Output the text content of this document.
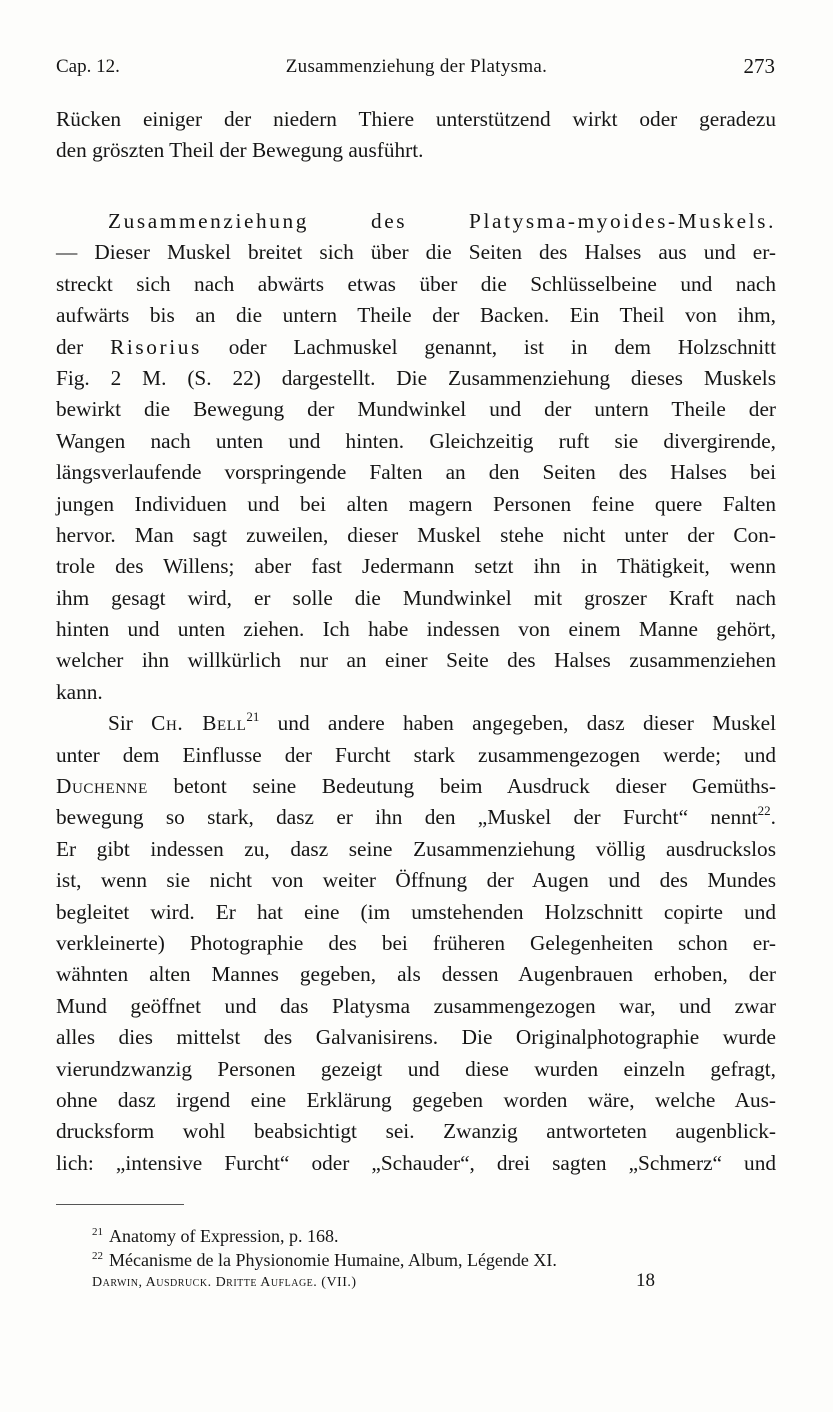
Cap. 12.	Zusammenziehung der Platysma.	273
Rücken einiger der niedern Thiere unterstützend wirkt oder geradezu
den gröszten Theil der Bewegung ausführt.
Zusammenziehung des Platysma-myoides-Muskels.
— Dieser Muskel breitet sich über die Seiten des Halses aus und er-
streckt sich nach abwärts etwas über die Schlüsselbeine und nach
aufwärts bis an die untern Theile der Backen. Ein Theil von ihm,
der Risorius oder Lachmuskel genannt, ist in dem Holzschnitt
Fig. 2 M. (S. 22) dargestellt. Die Zusammenziehung dieses Muskels
bewirkt die Bewegung der Mundwinkel und der untern Theile der
Wangen nach unten und hinten. Gleichzeitig ruft sie divergirende,
längsverlaufende vorspringende Falten an den Seiten des Halses bei
jungen Individuen und bei alten magern Personen feine quere Falten
hervor. Man sagt zuweilen, dieser Muskel stehe nicht unter der Con-
trole des Willens; aber fast Jedermann setzt ihn in Thätigkeit, wenn
ihm gesagt wird, er solle die Mundwinkel mit groszer Kraft nach
hinten und unten ziehen. Ich habe indessen von einem Manne gehört,
welcher ihn willkürlich nur an einer Seite des Halses zusammenziehen
kann.
Sir Ch. Bell$^{21}$ und andere haben angegeben, dasz dieser Muskel
unter dem Einflusse der Furcht stark zusammengezogen werde; und
Duchenne betont seine Bedeutung beim Ausdruck dieser Gemüths-
bewegung so stark, dasz er ihn den „Muskel der Furcht“ nennt$^{22}$.
Er gibt indessen zu, dasz seine Zusammenziehung völlig ausdruckslos
ist, wenn sie nicht von weiter Öffnung der Augen und des Mundes
begleitet wird. Er hat eine (im umstehenden Holzschnitt copirte und
verkleinerte) Photographie des bei früheren Gelegenheiten schon er-
wähnten alten Mannes gegeben, als dessen Augenbrauen erhoben, der
Mund geöffnet und das Platysma zusammengezogen war, und zwar
alles dies mittelst des Galvanisirens. Die Originalphotographie wurde
vierundzwanzig Personen gezeigt und diese wurden einzeln gefragt,
ohne dasz irgend eine Erklärung gegeben worden wäre, welche Aus-
drucksform wohl beabsichtigt sei. Zwanzig antworteten augenblick-
lich: „intensive Furcht“ oder „Schauder“, drei sagten „Schmerz“ und
$^{21}$ Anatomy of Expression, p. 168.
$^{22}$ Mécanisme de la Physionomie Humaine, Album, Légende XI.
Darwin, Ausdruck. Dritte Auflage. (VII.)	18
